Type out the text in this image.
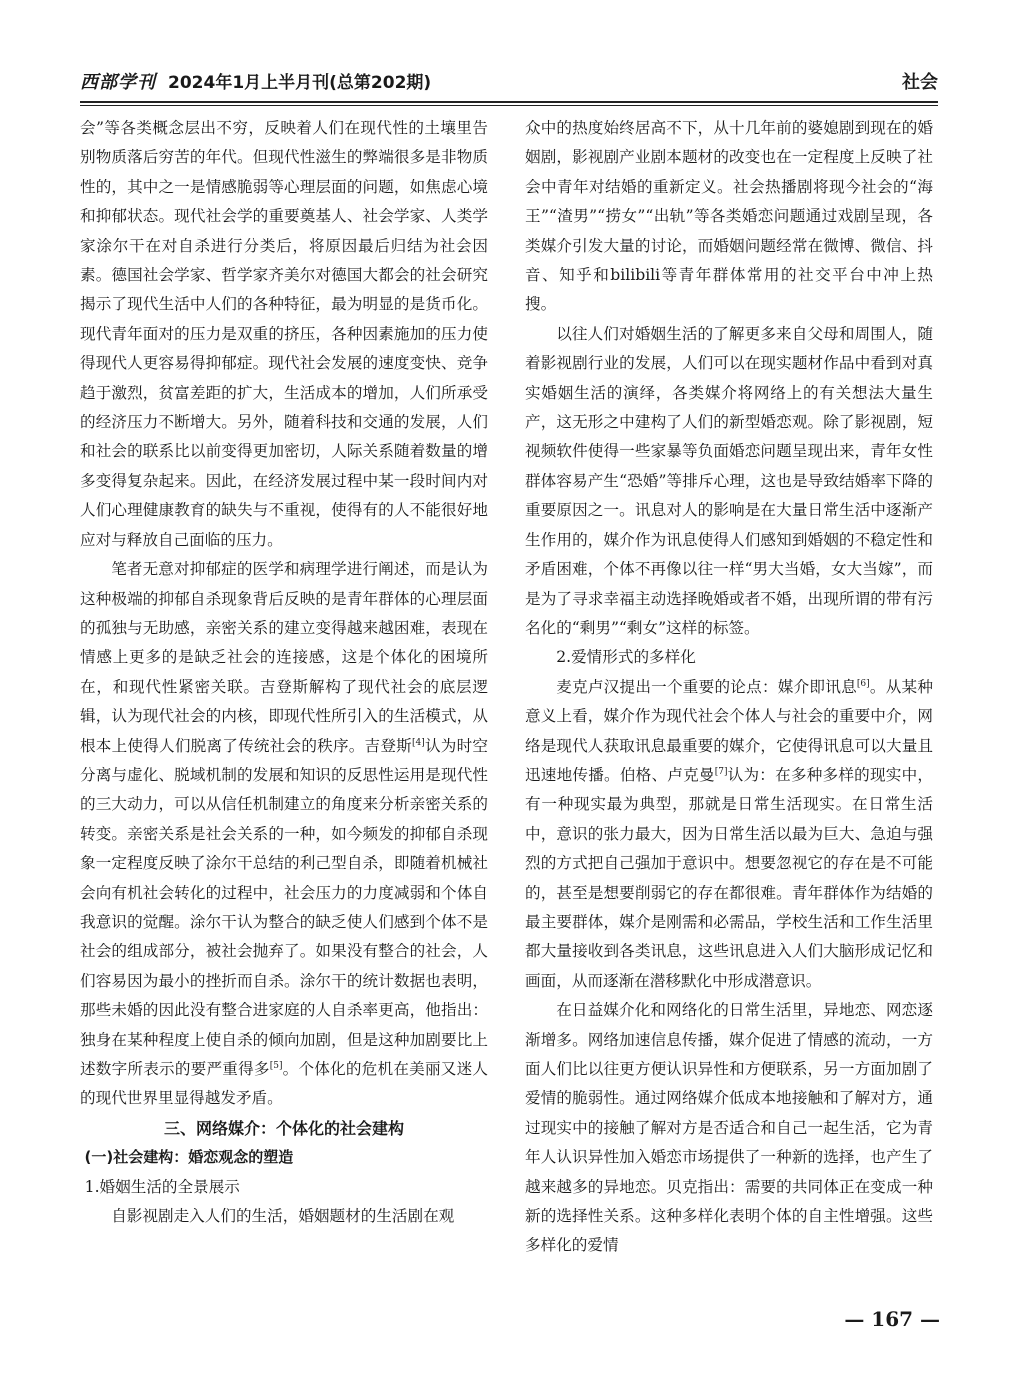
西部学刊 2024年1月上半月刊(总第202期)	社会

会”等各类概念层出不穷，反映着人们在现代性的土壤里告别物质落后穷苦的年代。但现代性滋生的弊端很多是非物质性的，其中之一是情感脆弱等心理层面的问题，如焦虑心境和抑郁状态。现代社会学的重要奠基人、社会学家、人类学家涂尔干在对自杀进行分类后，将原因最后归结为社会因素。德国社会学家、哲学家齐美尔对德国大都会的社会研究揭示了现代生活中人们的各种特征，最为明显的是货币化。现代青年面对的压力是双重的挤压，各种因素施加的压力使得现代人更容易得抑郁症。现代社会发展的速度变快、竞争趋于激烈，贫富差距的扩大，生活成本的增加，人们所承受的经济压力不断增大。另外，随着科技和交通的发展，人们和社会的联系比以前变得更加密切，人际关系随着数量的增多变得复杂起来。因此，在经济发展过程中某一段时间内对人们心理健康教育的缺失与不重视，使得有的人不能很好地应对与释放自己面临的压力。

笔者无意对抑郁症的医学和病理学进行阐述，而是认为这种极端的抑郁自杀现象背后反映的是青年群体的心理层面的孤独与无助感，亲密关系的建立变得越来越困难，表现在情感上更多的是缺乏社会的连接感，这是个体化的困境所在，和现代性紧密关联。吉登斯解构了现代社会的底层逻辑，认为现代社会的内核，即现代性所引入的生活模式，从根本上使得人们脱离了传统社会的秩序。吉登斯[4]认为时空分离与虚化、脱域机制的发展和知识的反思性运用是现代性的三大动力，可以从信任机制建立的角度来分析亲密关系的转变。亲密关系是社会关系的一种，如今频发的抑郁自杀现象一定程度反映了涂尔干总结的利己型自杀，即随着机械社会向有机社会转化的过程中，社会压力的力度减弱和个体自我意识的觉醒。涂尔干认为整合的缺乏使人们感到个体不是社会的组成部分，被社会抛弃了。如果没有整合的社会，人们容易因为最小的挫折而自杀。涂尔干的统计数据也表明，那些未婚的因此没有整合进家庭的人自杀率更高，他指出：独身在某种程度上使自杀的倾向加剧，但是这种加剧要比上述数字所表示的要严重得多[5]。个体化的危机在美丽又迷人的现代世界里显得越发矛盾。

三、网络媒介：个体化的社会建构

(一)社会建构：婚恋观念的塑造

1.婚姻生活的全景展示

自影视剧走入人们的生活，婚姻题材的生活剧在观

众中的热度始终居高不下，从十几年前的婆媳剧到现在的婚姻剧，影视剧产业剧本题材的改变也在一定程度上反映了社会中青年对结婚的重新定义。社会热播剧将现今社会的“海王”“渣男”“捞女”“出轨”等各类婚恋问题通过戏剧呈现，各类媒介引发大量的讨论，而婚姻问题经常在微博、微信、抖音、知乎和bilibili等青年群体常用的社交平台中冲上热搜。

以往人们对婚姻生活的了解更多来自父母和周围人，随着影视剧行业的发展，人们可以在现实题材作品中看到对真实婚姻生活的演绎，各类媒介将网络上的有关想法大量生产，这无形之中建构了人们的新型婚恋观。除了影视剧，短视频软件使得一些家暴等负面婚恋问题呈现出来，青年女性群体容易产生“恐婚”等排斥心理，这也是导致结婚率下降的重要原因之一。讯息对人的影响是在大量日常生活中逐渐产生作用的，媒介作为讯息使得人们感知到婚姻的不稳定性和矛盾困难，个体不再像以往一样“男大当婚，女大当嫁”，而是为了寻求幸福主动选择晚婚或者不婚，出现所谓的带有污名化的“剩男”“剩女”这样的标签。

2.爱情形式的多样化

麦克卢汉提出一个重要的论点：媒介即讯息[6]。从某种意义上看，媒介作为现代社会个体人与社会的重要中介，网络是现代人获取讯息最重要的媒介，它使得讯息可以大量且迅速地传播。伯格、卢克曼[7]认为：在多种多样的现实中，有一种现实最为典型，那就是日常生活现实。在日常生活中，意识的张力最大，因为日常生活以最为巨大、急迫与强烈的方式把自己强加于意识中。想要忽视它的存在是不可能的，甚至是想要削弱它的存在都很难。青年群体作为结婚的最主要群体，媒介是刚需和必需品，学校生活和工作生活里都大量接收到各类讯息，这些讯息进入人们大脑形成记忆和画面，从而逐渐在潜移默化中形成潜意识。

在日益媒介化和网络化的日常生活里，异地恋、网恋逐渐增多。网络加速信息传播，媒介促进了情感的流动，一方面人们比以往更方便认识异性和方便联系，另一方面加剧了爱情的脆弱性。通过网络媒介低成本地接触和了解对方，通过现实中的接触了解对方是否适合和自己一起生活，它为青年人认识异性加入婚恋市场提供了一种新的选择，也产生了越来越多的异地恋。贝克指出：需要的共同体正在变成一种新的选择性关系。这种多样化表明个体的自主性增强。这些多样化的爱情

— 167 —
